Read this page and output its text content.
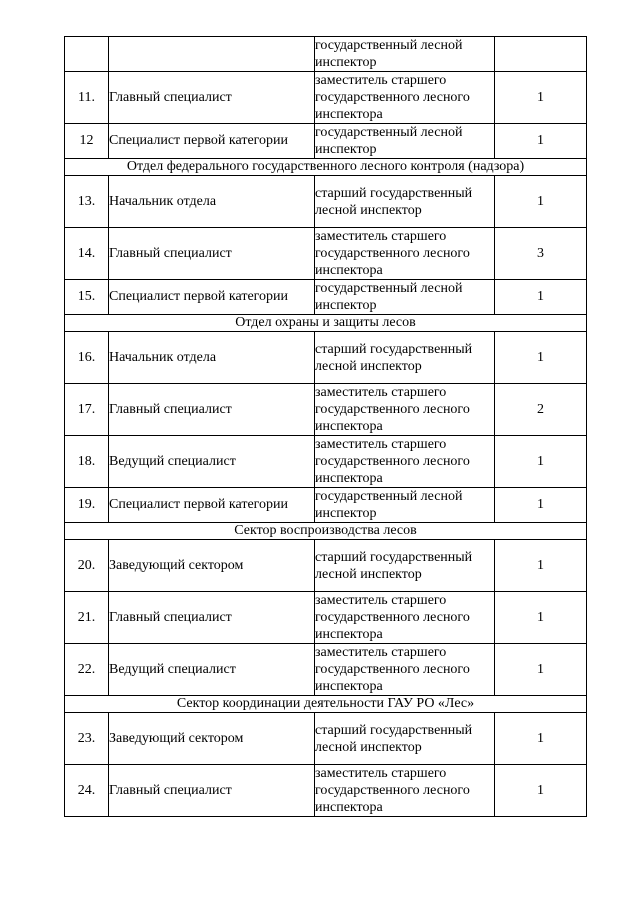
		государственный лесной инспектор	
11.	Главный специалист	заместитель старшего государственного лесного инспектора	1
12	Специалист первой категории	государственный лесной инспектор	1
Отдел федерального государственного лесного контроля (надзора)			
13.	Начальник отдела	старший государственный лесной инспектор	1
14.	Главный специалист	заместитель старшего государственного лесного инспектора	3
15.	Специалист первой категории	государственный лесной инспектор	1
Отдел охраны и защиты лесов			
16.	Начальник отдела	старший государственный лесной инспектор	1
17.	Главный специалист	заместитель старшего государственного лесного инспектора	2
18.	Ведущий специалист	заместитель старшего государственного лесного инспектора	1
19.	Специалист первой категории	государственный лесной инспектор	1
Сектор воспроизводства лесов			
20.	Заведующий сектором	старший государственный лесной инспектор	1
21.	Главный специалист	заместитель старшего государственного лесного инспектора	1
22.	Ведущий специалист	заместитель старшего государственного лесного инспектора	1
Сектор координации деятельности ГАУ РО «Лес»			
23.	Заведующий сектором	старший государственный лесной инспектор	1
24.	Главный специалист	заместитель старшего государственного лесного инспектора	1
